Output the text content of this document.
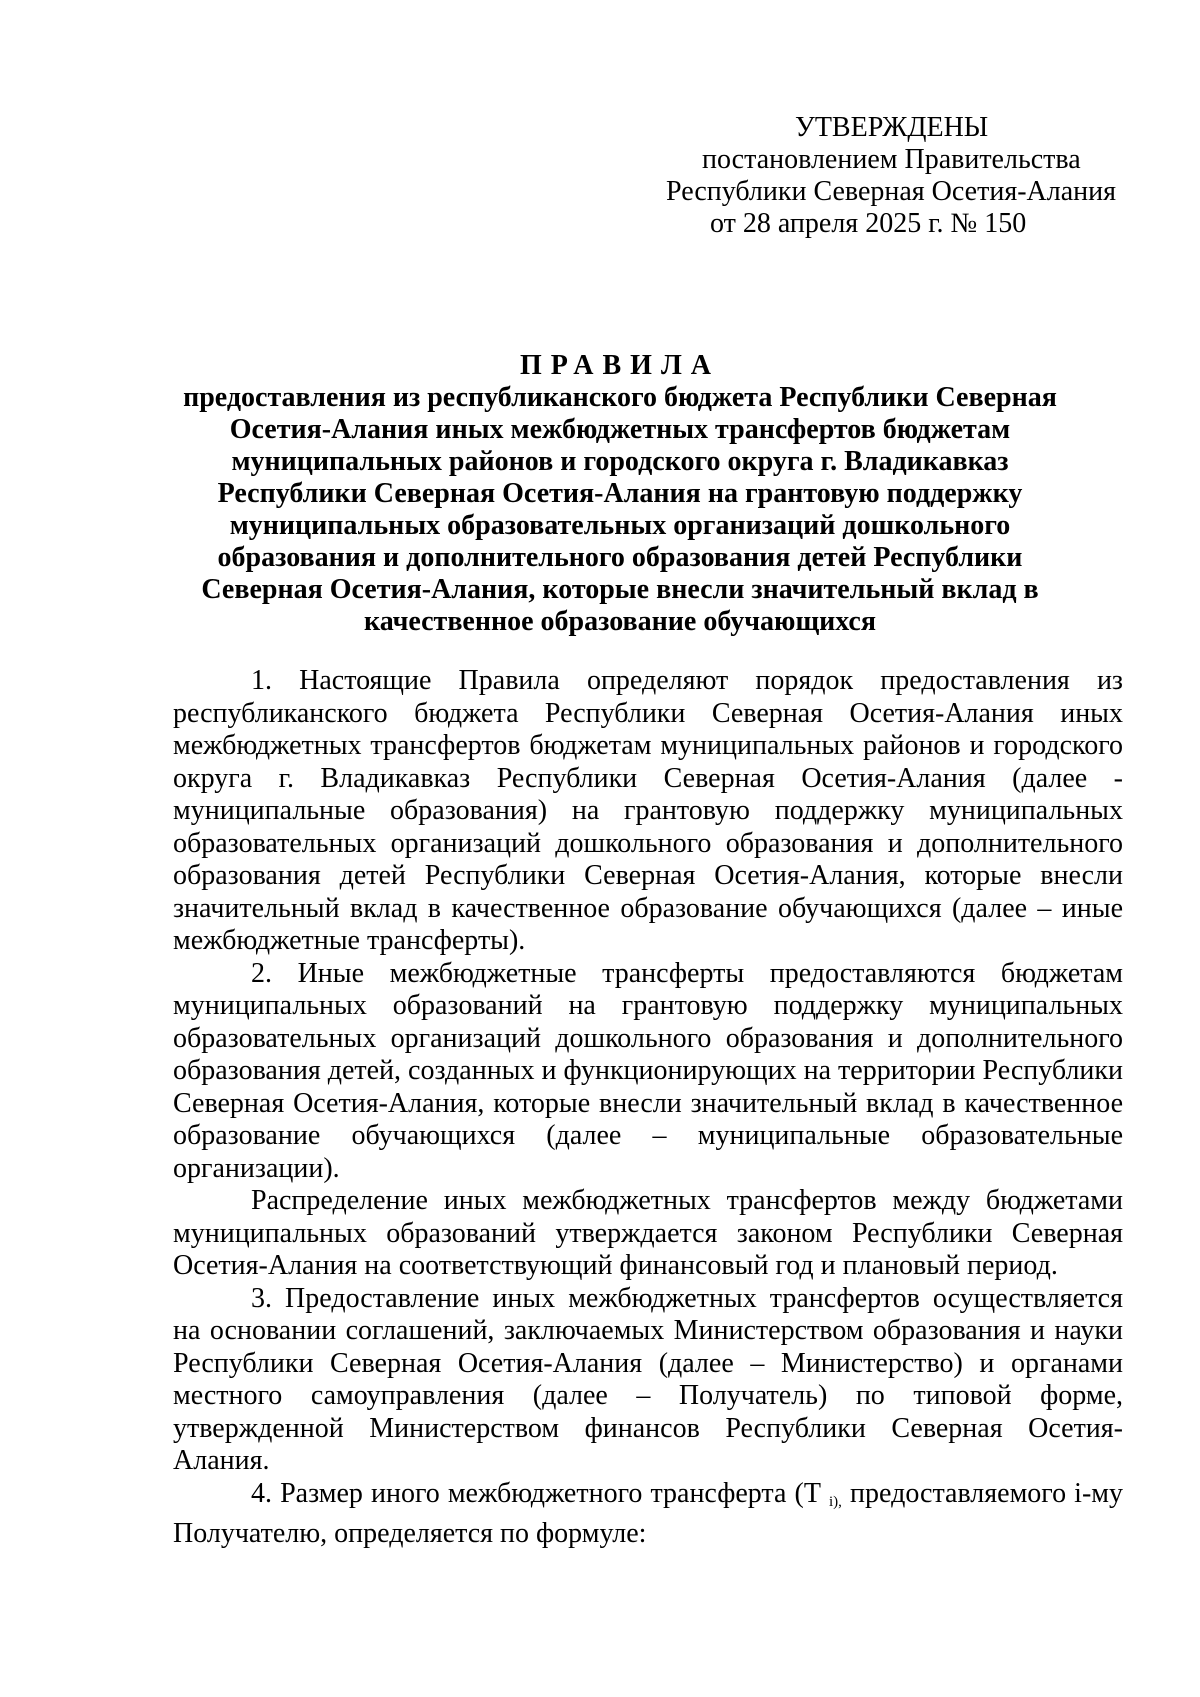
УТВЕРЖДЕНЫ
постановлением Правительства
Республики Северная Осетия-Алания
от 28 апреля 2025 г. № 150
ПРАВИЛА
предоставления из республиканского бюджета Республики Северная
Осетия-Алания иных межбюджетных трансфертов бюджетам
муниципальных районов и городского округа г. Владикавказ
Республики Северная Осетия-Алания на грантовую поддержку
муниципальных образовательных организаций дошкольного
образования и дополнительного образования детей Республики
Северная Осетия-Алания, которые внесли значительный вклад в
качественное образование обучающихся

1. Настоящие Правила определяют порядок предоставления из республиканского бюджета Республики Северная Осетия-Алания иных межбюджетных трансфертов бюджетам муниципальных районов и городского округа г. Владикавказ Республики Северная Осетия-Алания (далее - муниципальные образования) на грантовую поддержку муниципальных образовательных организаций дошкольного образования и дополнительного образования детей Республики Северная Осетия-Алания, которые внесли значительный вклад в качественное образование обучающихся (далее – иные межбюджетные трансферты).

2. Иные межбюджетные трансферты предоставляются бюджетам муниципальных образований на грантовую поддержку муниципальных образовательных организаций дошкольного образования и дополнительного образования детей, созданных и функционирующих на территории Республики Северная Осетия-Алания, которые внесли значительный вклад в качественное образование обучающихся (далее – муниципальные образовательные организации).

Распределение иных межбюджетных трансфертов между бюджетами муниципальных образований утверждается законом Республики Северная Осетия-Алания на соответствующий финансовый год и плановый период.

3. Предоставление иных межбюджетных трансфертов осуществляется на основании соглашений, заключаемых Министерством образования и науки Республики Северная Осетия-Алания (далее – Министерство) и органами местного самоуправления (далее – Получатель) по типовой форме, утвержденной Министерством финансов Республики Северная Осетия-Алания.

4. Размер иного межбюджетного трансферта (Т $_{i),}$ предоставляемого i-му Получателю, определяется по формуле:
